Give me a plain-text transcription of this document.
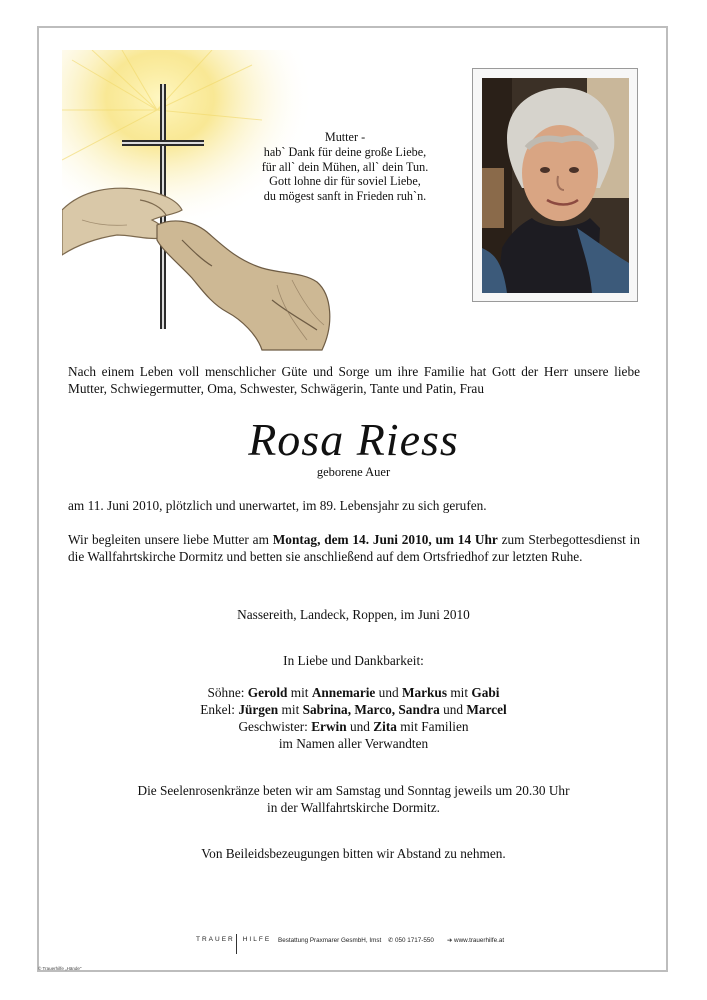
Mutter -
hab` Dank für deine große Liebe,
für all` dein Mühen, all` dein Tun.
Gott lohne dir für soviel Liebe,
du mögest sanft in Frieden ruh`n.
Nach einem Leben voll menschlicher Güte und Sorge um ihre Familie hat Gott der Herr unsere liebe Mutter, Schwiegermutter, Oma, Schwester, Schwägerin, Tante und Patin, Frau
Rosa Riess
geborene Auer
am 11. Juni 2010, plötzlich und unerwartet, im 89. Lebensjahr zu sich gerufen.
Wir begleiten unsere liebe Mutter am Montag, dem 14. Juni 2010, um 14 Uhr zum Sterbegottesdienst in die Wallfahrtskirche Dormitz und betten sie anschließend auf dem Ortsfriedhof zur letzten Ruhe.
Nassereith, Landeck, Roppen, im Juni 2010
In Liebe und Dankbarkeit:
Söhne: Gerold mit Annemarie und Markus mit Gabi
Enkel: Jürgen mit Sabrina, Marco, Sandra und Marcel
Geschwister: Erwin und Zita mit Familien
im Namen aller Verwandten
Die Seelenrosenkränze beten wir am Samstag und Sonntag jeweils um 20.30 Uhr
in der Wallfahrtskirche Dormitz.
Von Beileidsbezeugungen bitten wir Abstand zu nehmen.
TRAUER HILFE Bestattung Praxmarer GesmbH, Imst ✆ 050 1717-550 ➔ www.trauerhilfe.at
© Trauerhilfe „Hände"
